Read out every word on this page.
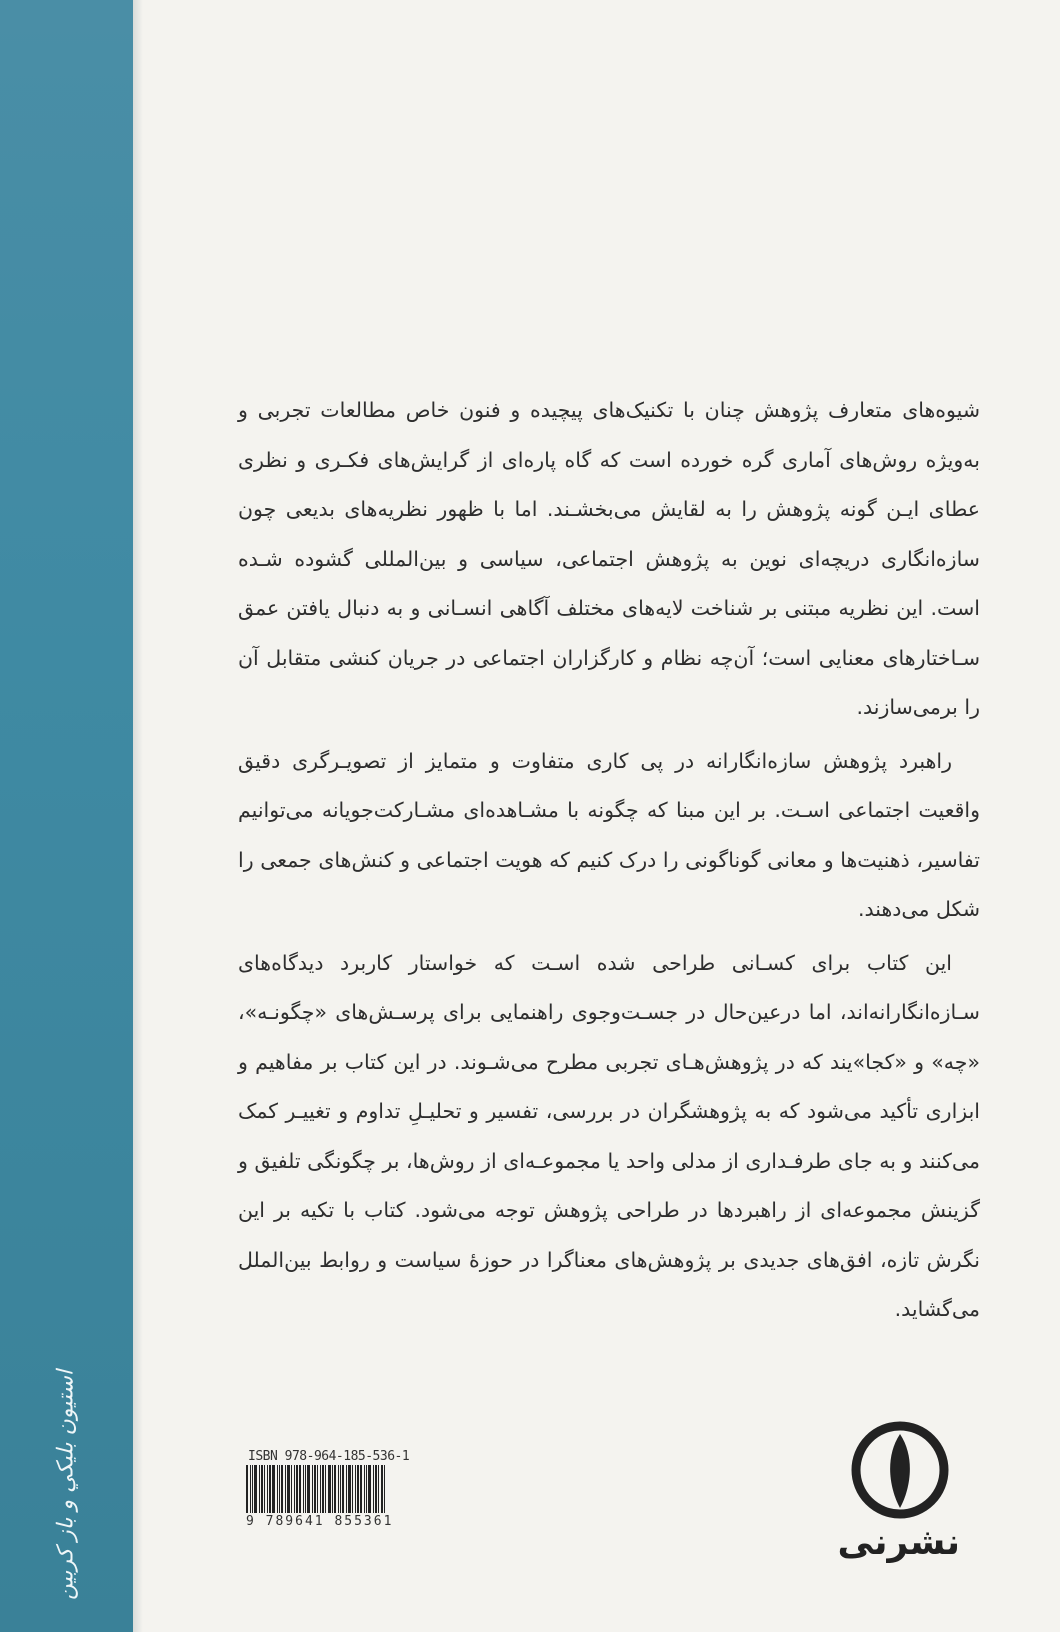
اﺳﺘﻴﻮن ﺑﻠﻴﻜﻲ و ﺑﺎز ﻛﺮﺑﻴﻦ

شیوه‌های متعارف پژوهش چنان با تکنیک‌های پیچیده و فنون خاص مطالعات تجربی و به‌ویژه روش‌های آماری گره خورده است که گاه پاره‌ای از گرایش‌های فکـری و نظری عطای ایـن گونه پژوهش را به لقایش می‌بخشـند. اما با ظهور نظریه‌های بدیعی چون سازه‌انگاری دریچه‌ای نوین به پژوهش اجتماعی، سیاسی و بین‌المللی گشوده شـده است. این نظریه مبتنی بر شناخت لایه‌های مختلف آگاهی انسـانی و به دنبال یافتن عمق سـاختارهای معنایی است؛ آن‌چه نظام و کارگزاران اجتماعی در جریان کنشی متقابل آن را برمی‌سازند.

راهبرد پژوهش سازه‌انگارانه در پی کاری متفاوت و متمایز از تصویـرگری دقیق واقعیت اجتماعی اسـت. بر این مبنا که چگونه با مشـاهده‌ای مشـارکت‌جویانه می‌توانیم تفاسیر، ذهنیت‌ها و معانی گوناگونی را درک کنیم که هویت اجتماعی و کنش‌های جمعی را شکل می‌دهند.

این کتاب برای کسـانی طراحی شده اسـت که خواستار کاربرد دیدگاه‌های سـازه‌انگارانه‌اند، اما درعین‌حال در جسـت‌وجوی راهنمایی برای پرسـش‌های «چگونـه»، «چه» و «کجا»یند که در پژوهش‌هـای تجربی مطرح می‌شـوند. در این کتاب بر مفاهیم و ابزاری تأکید می‌شود که به پژوهشگران در بررسی، تفسیر و تحلیـلِ تداوم و تغییـر کمک می‌کنند و به جای طرفـداری از مدلی واحد یا مجموعـه‌ای از روش‌ها، بر چگونگی تلفیق و گزینش مجموعه‌ای از راهبردها در طراحی پژوهش توجه می‌شود. کتاب با تکیه بر این نگرش تازه، افق‌های جدیدی بر پژوهش‌های معناگرا در حوزهٔ سیاست و روابط بین‌الملل می‌گشاید.

ISBN 978-964-185-536-1
9 789641 855361
نشرنی
